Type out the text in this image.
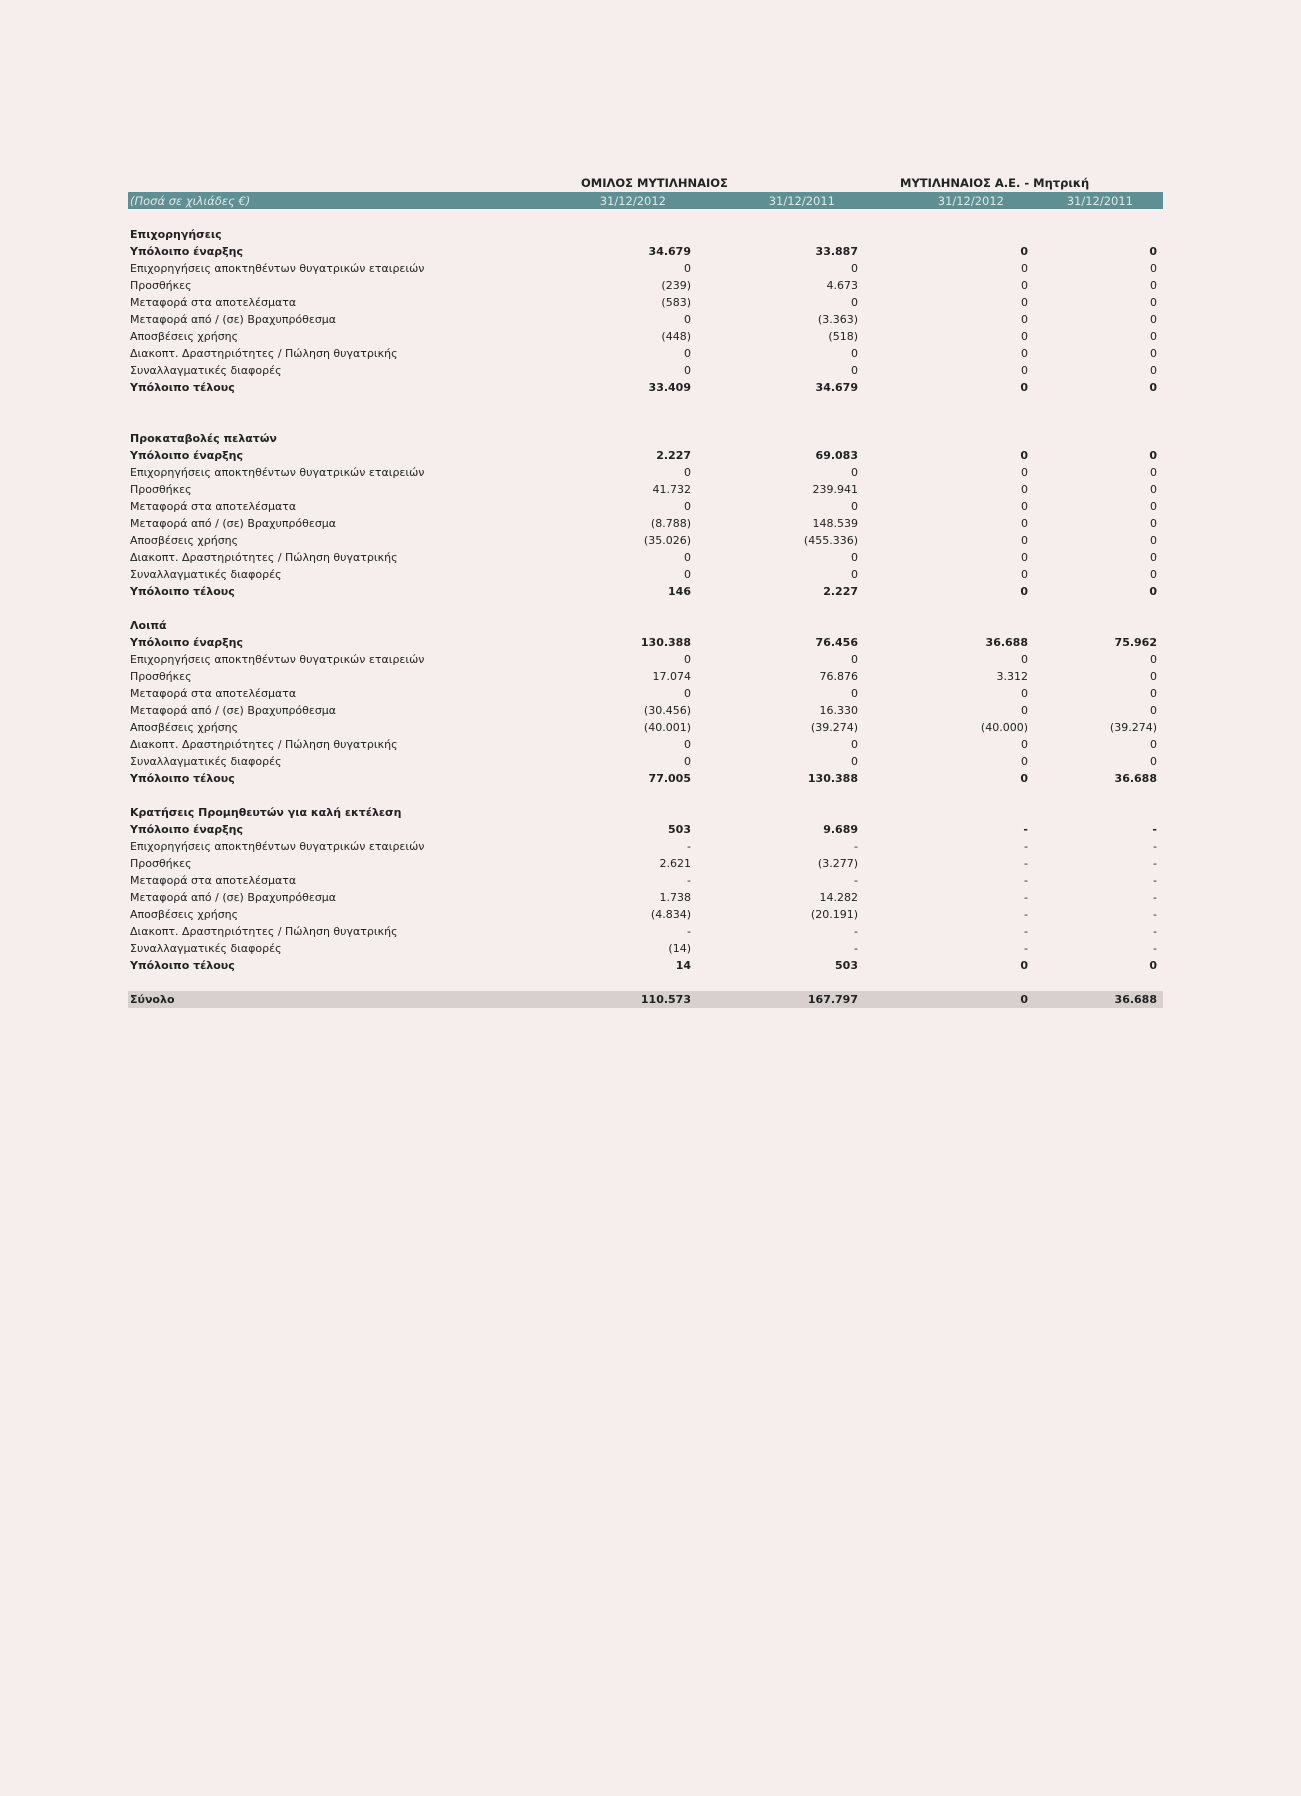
ΟΜΙΛΟΣ ΜΥΤΙΛΗΝΑΙΟΣ	ΜΥΤΙΛΗΝΑΙΟΣ Α.Ε. - Μητρική
(Ποσά σε χιλιάδες €)	31/12/2012	31/12/2011	31/12/2012	31/12/2011

Επιχορηγήσεις				
Υπόλοιπο έναρξης	34.679	33.887	0	0
Επιχορηγήσεις αποκτηθέντων θυγατρικών εταιρειών	0	0	0	0
Προσθήκες	(239)	4.673	0	0
Μεταφορά στα αποτελέσματα	(583)	0	0	0
Μεταφορά από / (σε) Βραχυπρόθεσμα	0	(3.363)	0	0
Αποσβέσεις χρήσης	(448)	(518)	0	0
Διακοπτ. Δραστηριότητες / Πώληση θυγατρικής	0	0	0	0
Συναλλαγματικές διαφορές	0	0	0	0
Υπόλοιπο τέλους	33.409	34.679	0	0

Προκαταβολές πελατών				
Υπόλοιπο έναρξης	2.227	69.083	0	0
Επιχορηγήσεις αποκτηθέντων θυγατρικών εταιρειών	0	0	0	0
Προσθήκες	41.732	239.941	0	0
Μεταφορά στα αποτελέσματα	0	0	0	0
Μεταφορά από / (σε) Βραχυπρόθεσμα	(8.788)	148.539	0	0
Αποσβέσεις χρήσης	(35.026)	(455.336)	0	0
Διακοπτ. Δραστηριότητες / Πώληση θυγατρικής	0	0	0	0
Συναλλαγματικές διαφορές	0	0	0	0
Υπόλοιπο τέλους	146	2.227	0	0

Λοιπά				
Υπόλοιπο έναρξης	130.388	76.456	36.688	75.962
Επιχορηγήσεις αποκτηθέντων θυγατρικών εταιρειών	0	0	0	0
Προσθήκες	17.074	76.876	3.312	0
Μεταφορά στα αποτελέσματα	0	0	0	0
Μεταφορά από / (σε) Βραχυπρόθεσμα	(30.456)	16.330	0	0
Αποσβέσεις χρήσης	(40.001)	(39.274)	(40.000)	(39.274)
Διακοπτ. Δραστηριότητες / Πώληση θυγατρικής	0	0	0	0
Συναλλαγματικές διαφορές	0	0	0	0
Υπόλοιπο τέλους	77.005	130.388	0	36.688

Κρατήσεις Προμηθευτών για καλή εκτέλεση				
Υπόλοιπο έναρξης	503	9.689	-	-
Επιχορηγήσεις αποκτηθέντων θυγατρικών εταιρειών	-	-	-	-
Προσθήκες	2.621	(3.277)	-	-
Μεταφορά στα αποτελέσματα	-	-	-	-
Μεταφορά από / (σε) Βραχυπρόθεσμα	1.738	14.282	-	-
Αποσβέσεις χρήσης	(4.834)	(20.191)	-	-
Διακοπτ. Δραστηριότητες / Πώληση θυγατρικής	-	-	-	-
Συναλλαγματικές διαφορές	(14)	-	-	-
Υπόλοιπο τέλους	14	503	0	0

Σύνολο	110.573	167.797	0	36.688
